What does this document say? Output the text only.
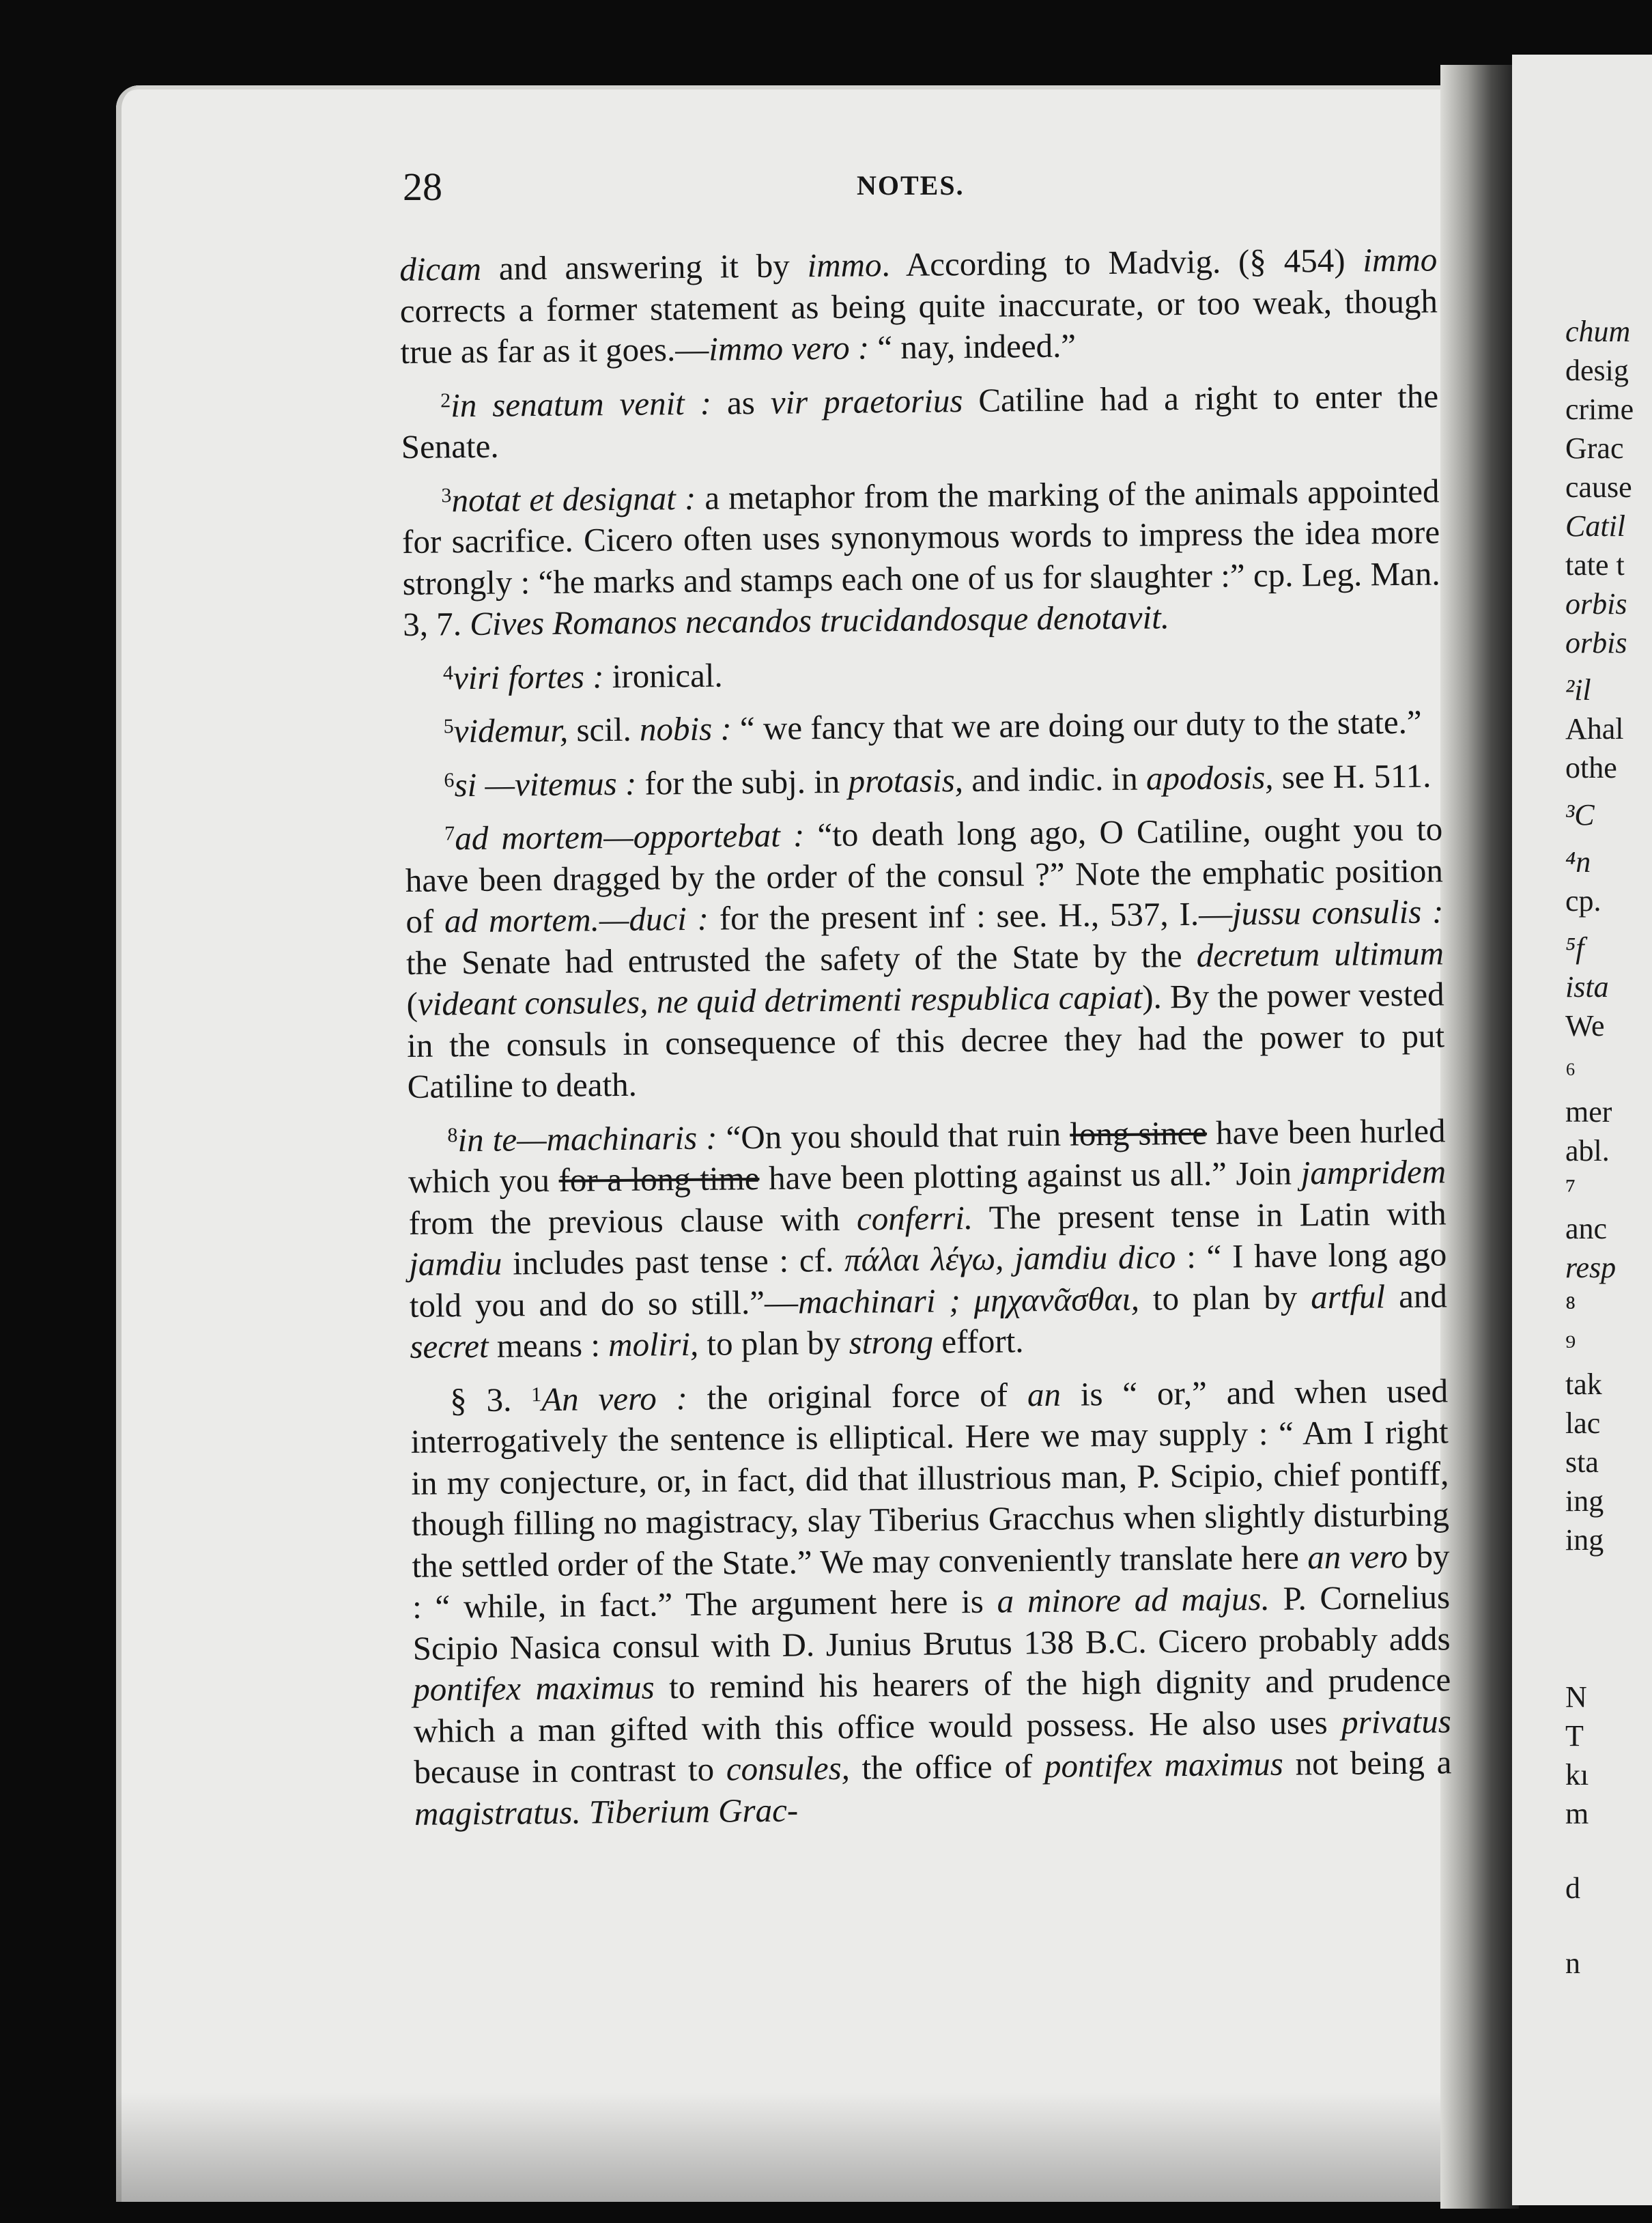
chum
desig
crime
Grac
cause
Catil
tate t
orbis
orbis
²il
Ahal
othe
³C
⁴n
cp.
⁵f
ista
We
⁶
mer
abl.
⁷
anc
resp
⁸
⁹
tak
lac
sta
ing
ing
N
T
kı
m
d
n
28	NOTES.

dicam and answering it by immo. According to Madvig. (§ 454) immo corrects a former statement as being quite inaccurate, or too weak, though true as far as it goes.—immo vero : “ nay, indeed.”

$^2$in senatum venit : as vir praetorius Catiline had a right to enter the Senate.

$^3$notat et designat : a metaphor from the marking of the animals appointed for sacrifice. Cicero often uses synonymous words to impress the idea more strongly : “he marks and stamps each one of us for slaughter :” cp. Leg. Man. 3, 7. Cives Romanos necandos trucidandosque denotavit.

$^4$viri fortes : ironical.

$^5$videmur, scil. nobis : “ we fancy that we are doing our duty to the state.”

$^6$si —vitemus : for the subj. in protasis, and indic. in apodosis, see H. 511.

$^7$ad mortem—opportebat : “to death long ago, O Catiline, ought you to have been dragged by the order of the consul ?” Note the emphatic position of ad mortem.—duci : for the present inf : see. H., 537, I.—jussu consulis : the Senate had entrusted the safety of the State by the decretum ultimum (videant consules, ne quid detrimenti respublica capiat). By the power vested in the consuls in consequence of this decree they had the power to put Catiline to death.

$^8$in te—machinaris : “On you should that ruin long since have been hurled which you for a long time have been plotting against us all.” Join jampridem from the previous clause with conferri. The present tense in Latin with jamdiu includes past tense : cf. πάλαι λέγω, jamdiu dico : “ I have long ago told you and do so still.”—machinari ; μηχανᾶσθαι, to plan by artful and secret means : moliri, to plan by strong effort.

§ 3. $^1$An vero : the original force of an is “ or,” and when used interrogatively the sentence is elliptical. Here we may supply : “ Am I right in my conjecture, or, in fact, did that illustrious man, P. Scipio, chief pontiff, though filling no magistracy, slay Tiberius Gracchus when slightly disturbing the settled order of the State.” We may conveniently translate here an vero by : “ while, in fact.” The argument here is a minore ad majus. P. Cornelius Scipio Nasica consul with D. Junius Brutus 138 B.C. Cicero probably adds pontifex maximus to remind his hearers of the high dignity and prudence which a man gifted with this office would possess. He also uses privatus because in contrast to consules, the office of pontifex maximus not being a magistratus. Tiberium Grac-
